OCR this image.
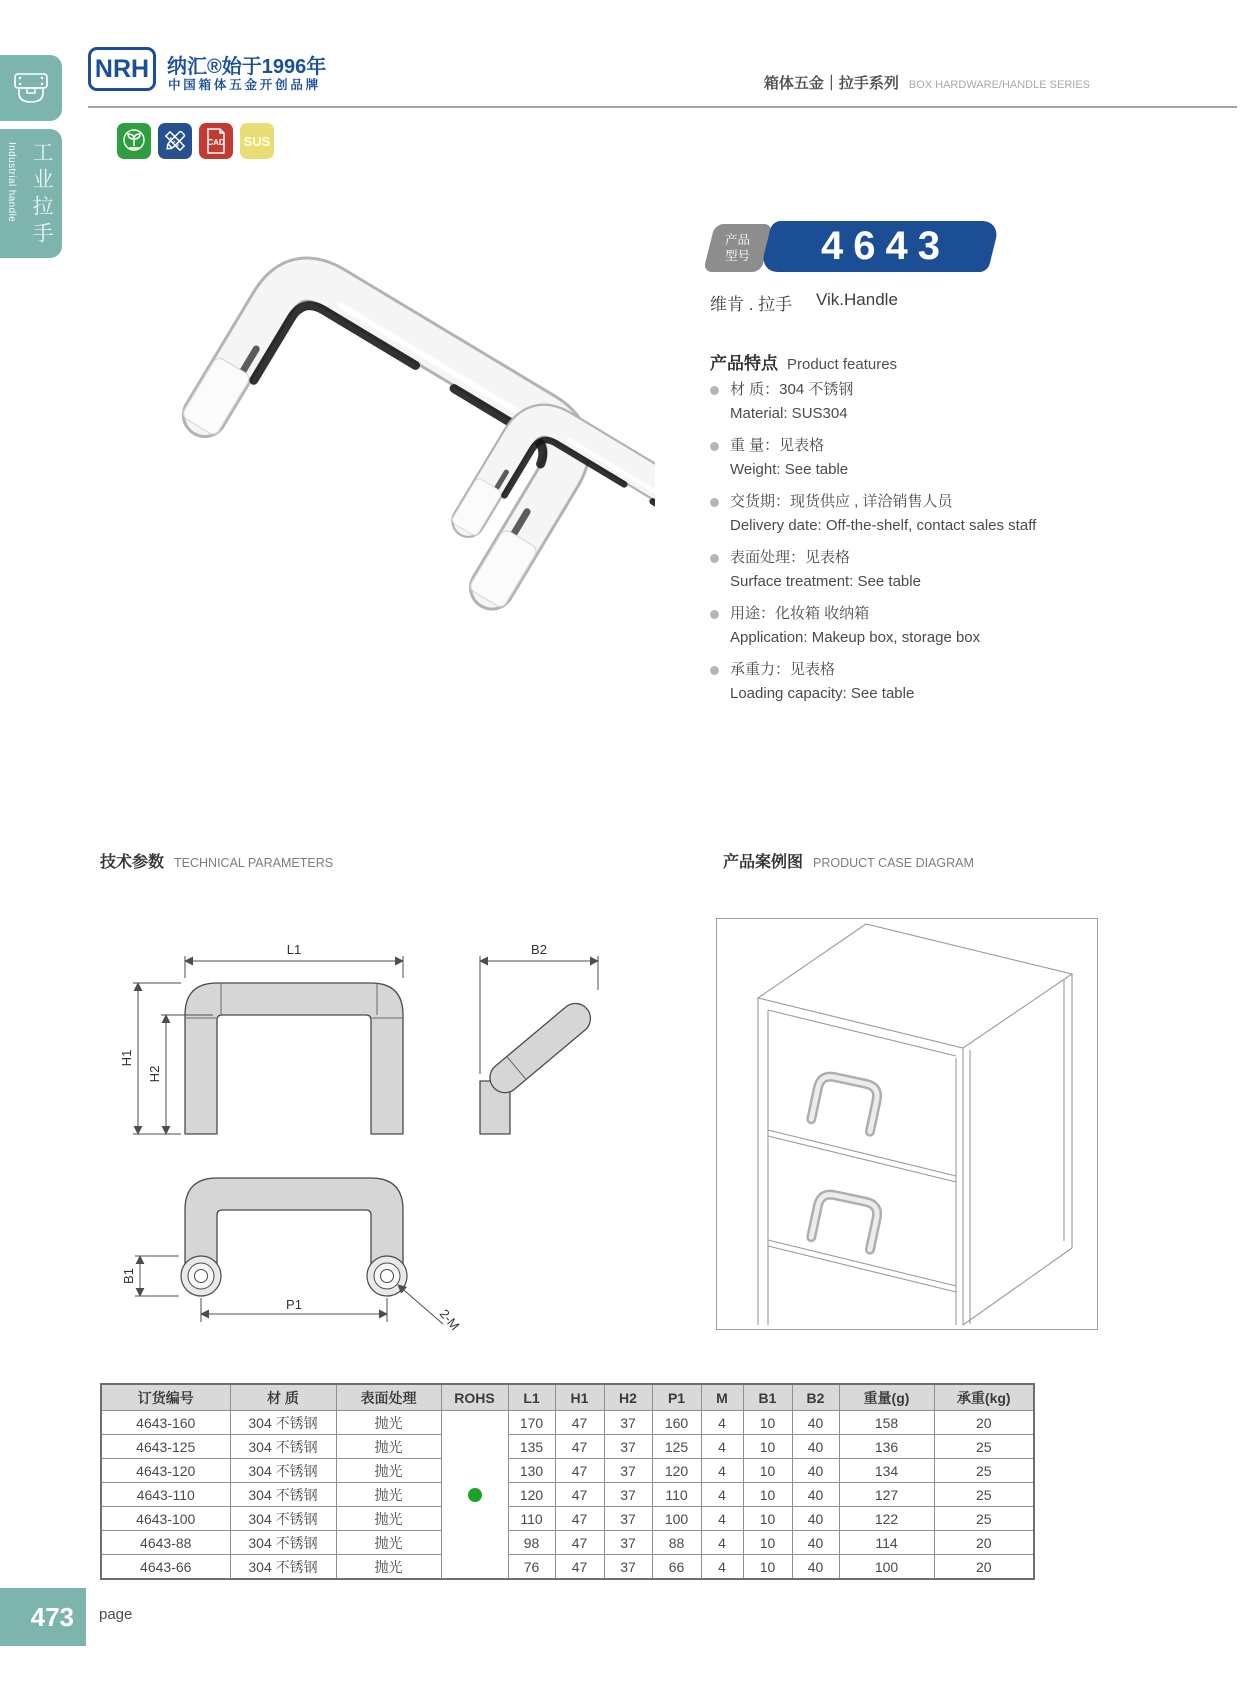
工业拉手
Industrial handle
NRH 纳汇®始于1996年
中国箱体五金开创品牌	箱体五金｜拉手系列 BOX HARDWARE/HANDLE SERIES
CAD SUS
产品
型号 4643
维肯 . 拉手 Vik.Handle
产品特点 Product features
材 质：304 不锈钢
Material: SUS304
重 量：见表格
Weight: See table
交货期：现货供应 , 详洽销售人员
Delivery date: Off-the-shelf, contact sales staff
表面处理：见表格
Surface treatment: See table
用途：化妆箱 收纳箱
Application: Makeup box, storage box
承重力：见表格
Loading capacity: See table
技术参数 TECHNICAL PARAMETERS	产品案例图 PRODUCT CASE DIAGRAM
L1
H1
H2
B2
B1
P1
2-M
订货编号	材 质	表面处理	ROHS	L1	H1	H2	P1	M	B1	B2	重量(g)	承重(kg)
4643-160	304 不锈钢	抛光		170	47	37	160	4	10	40	158	20
4643-125	304 不锈钢	抛光		135	47	37	125	4	10	40	136	25
4643-120	304 不锈钢	抛光		130	47	37	120	4	10	40	134	25
4643-110	304 不锈钢	抛光		120	47	37	110	4	10	40	127	25
4643-100	304 不锈钢	抛光		110	47	37	100	4	10	40	122	25
4643-88	304 不锈钢	抛光		98	47	37	88	4	10	40	114	20
4643-66	304 不锈钢	抛光		76	47	37	66	4	10	40	100	20
473 page
